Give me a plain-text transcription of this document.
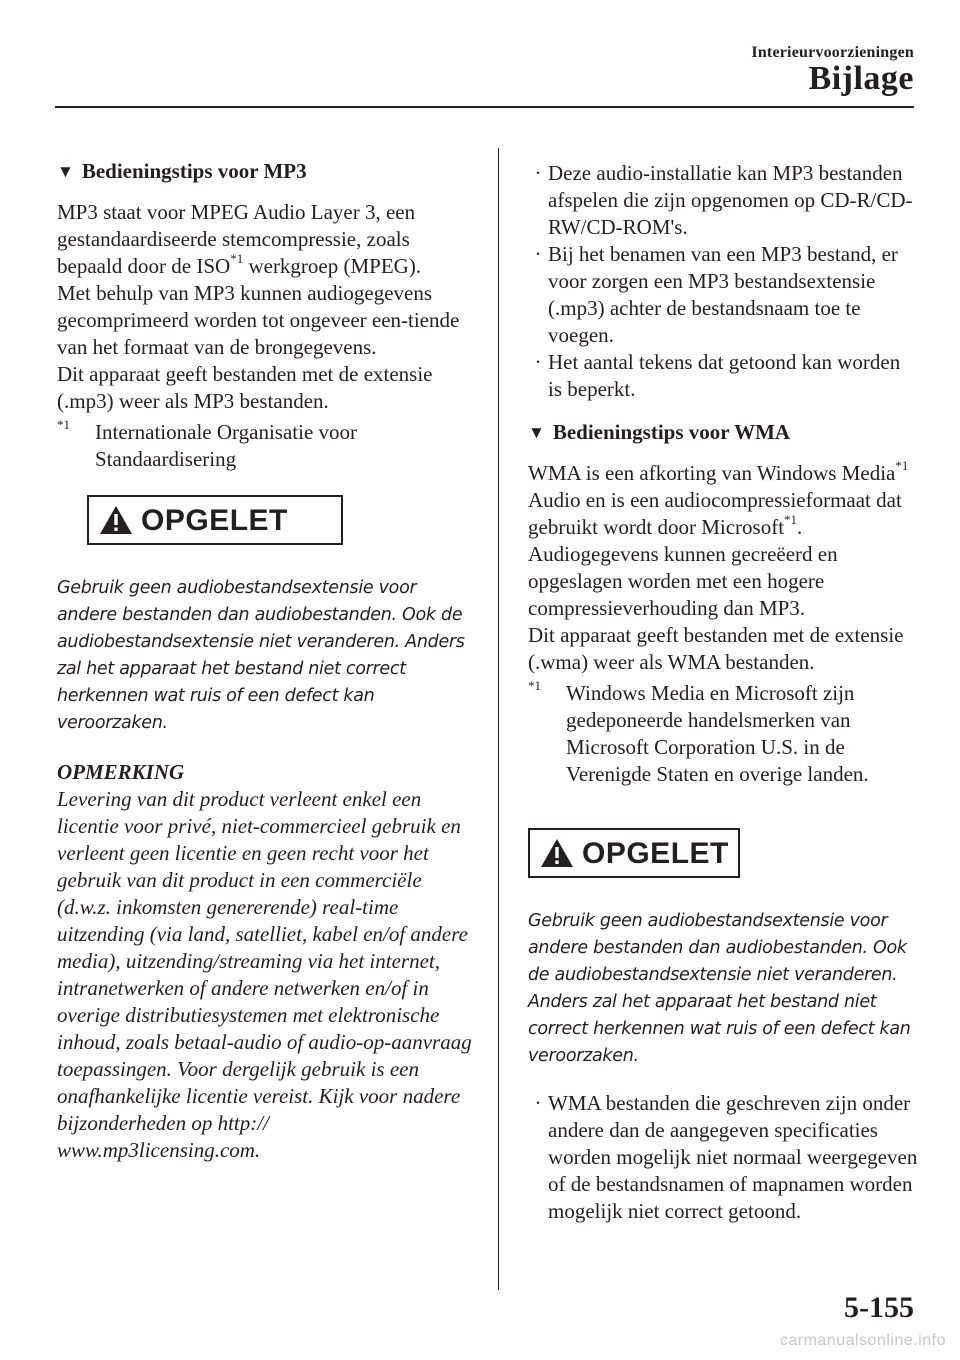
Interieurvoorzieningen
Bijlage
▼ Bedieningstips voor MP3

MP3 staat voor MPEG Audio Layer 3, een gestandaardiseerde stemcompressie, zoals bepaald door de ISO$^{*1}$ werkgroep (MPEG).

Met behulp van MP3 kunnen audiogegevens gecomprimeerd worden tot ongeveer een-tiende van het formaat van de brongegevens.

Dit apparaat geeft bestanden met de extensie (.mp3) weer als MP3 bestanden.

$^{*1}$	Internationale Organisatie voor Standaardisering
OPGELET

Gebruik geen audiobestandsextensie voor andere bestanden dan audiobestanden. Ook de audiobestandsextensie niet veranderen. Anders zal het apparaat het bestand niet correct herkennen wat ruis of een defect kan veroorzaken.

OPMERKING

Levering van dit product verleent enkel een licentie voor privé, niet-commercieel gebruik en verleent geen licentie en geen recht voor het gebruik van dit product in een commerciële (d.w.z. inkomsten genererende) real-time uitzending (via land, satelliet, kabel en/of andere media), uitzending/streaming via het internet, intranetwerken of andere netwerken en/of in overige distributiesystemen met elektronische inhoud, zoals betaal-audio of audio-op-aanvraag toepassingen. Voor dergelijk gebruik is een onafhankelijke licentie vereist. Kijk voor nadere bijzonderheden op http:// www.mp3licensing.com.

· Deze audio-installatie kan MP3 bestanden afspelen die zijn opgenomen op CD-R/CD-RW/CD-ROM's.
· Bij het benamen van een MP3 bestand, er voor zorgen een MP3 bestandsextensie (.mp3) achter de bestandsnaam toe te voegen.
· Het aantal tekens dat getoond kan worden is beperkt.
▼ Bedieningstips voor WMA

WMA is een afkorting van Windows Media$^{*1}$ Audio en is een audiocompressieformaat dat gebruikt wordt door Microsoft$^{*1}$.

Audiogegevens kunnen gecreëerd en opgeslagen worden met een hogere compressieverhouding dan MP3.

Dit apparaat geeft bestanden met de extensie (.wma) weer als WMA bestanden.

$^{*1}$	Windows Media en Microsoft zijn gedeponeerde handelsmerken van Microsoft Corporation U.S. in de Verenigde Staten en overige landen.
OPGELET

Gebruik geen audiobestandsextensie voor andere bestanden dan audiobestanden. Ook de audiobestandsextensie niet veranderen. Anders zal het apparaat het bestand niet correct herkennen wat ruis of een defect kan veroorzaken.

· WMA bestanden die geschreven zijn onder andere dan de aangegeven specificaties worden mogelijk niet normaal weergegeven of de bestandsnamen of mapnamen worden mogelijk niet correct getoond.
5-155
carmanualsonline.info
